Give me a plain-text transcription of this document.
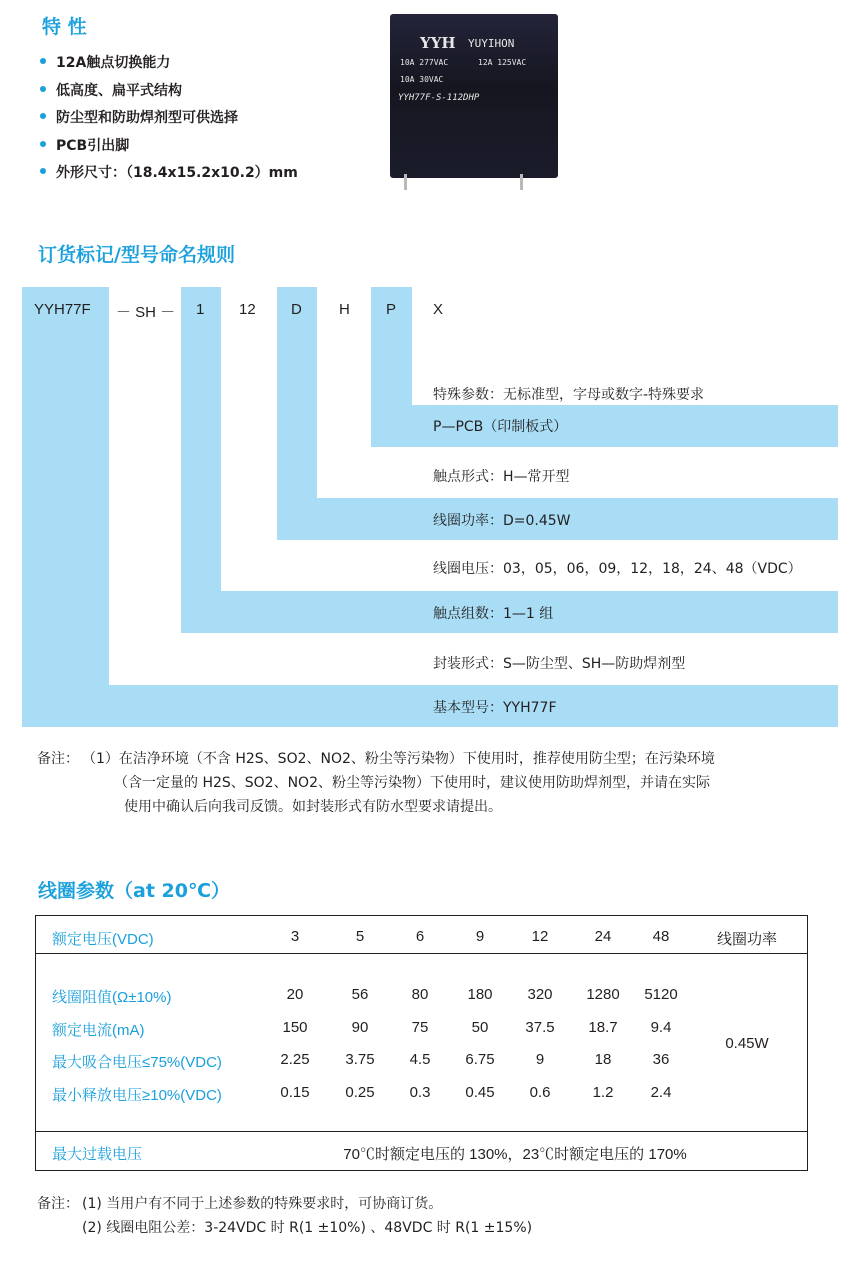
特 性
12A触点切换能力
低高度、扁平式结构
防尘型和防助焊剂型可供选择
PCB引出脚
外形尺寸：（18.4x15.2x10.2）mm
YYH YUYIHON
10A 277VAC	12A 125VAC
10A 30VAC
YYH77F-S-112DHP
订货标记/型号命名规则
YYH77F － SH － 1 12 D H P X
特殊参数：无标准型，字母或数字-特殊要求
P—PCB（印制板式）
触点形式：H—常开型
线圈功率：D=0.45W
线圈电压：03，05，06，09，12，18，24、48（VDC）
触点组数：1—1 组
封装形式：S—防尘型、SH—防助焊剂型
基本型号：YYH77F
备注： （1）在洁净环境（不含 H2S、SO2、NO2、粉尘等污染物）下使用时，推荐使用防尘型；在污染环境
（含一定量的 H2S、SO2、NO2、粉尘等污染物）下使用时，建议使用防助焊剂型，并请在实际
使用中确认后向我司反馈。如封装形式有防水型要求请提出。
线圈参数（at 20℃）
额定电压(VDC)	3	5	6	9	12	24	48	线圈功率
线圈阻值(Ω±10%)	20	56	80	180	320	1280 5120
额定电流(mA)	150	90	75	50	37.5	18.7	9.4
最大吸合电压≤75%(VDC)	2.25	3.75	4.5	6.75	9	18	36
最小释放电压≥10%(VDC)	0.15	0.25	0.3	0.45	0.6	1.2	2.4
0.45W
最大过载电压	70℃时额定电压的 130%，23℃时额定电压的 170%
备注： (1) 当用户有不同于上述参数的特殊要求时，可协商订货。
(2) 线圈电阻公差：3-24VDC 时 R(1 ±10%) 、48VDC 时 R(1 ±15%)
